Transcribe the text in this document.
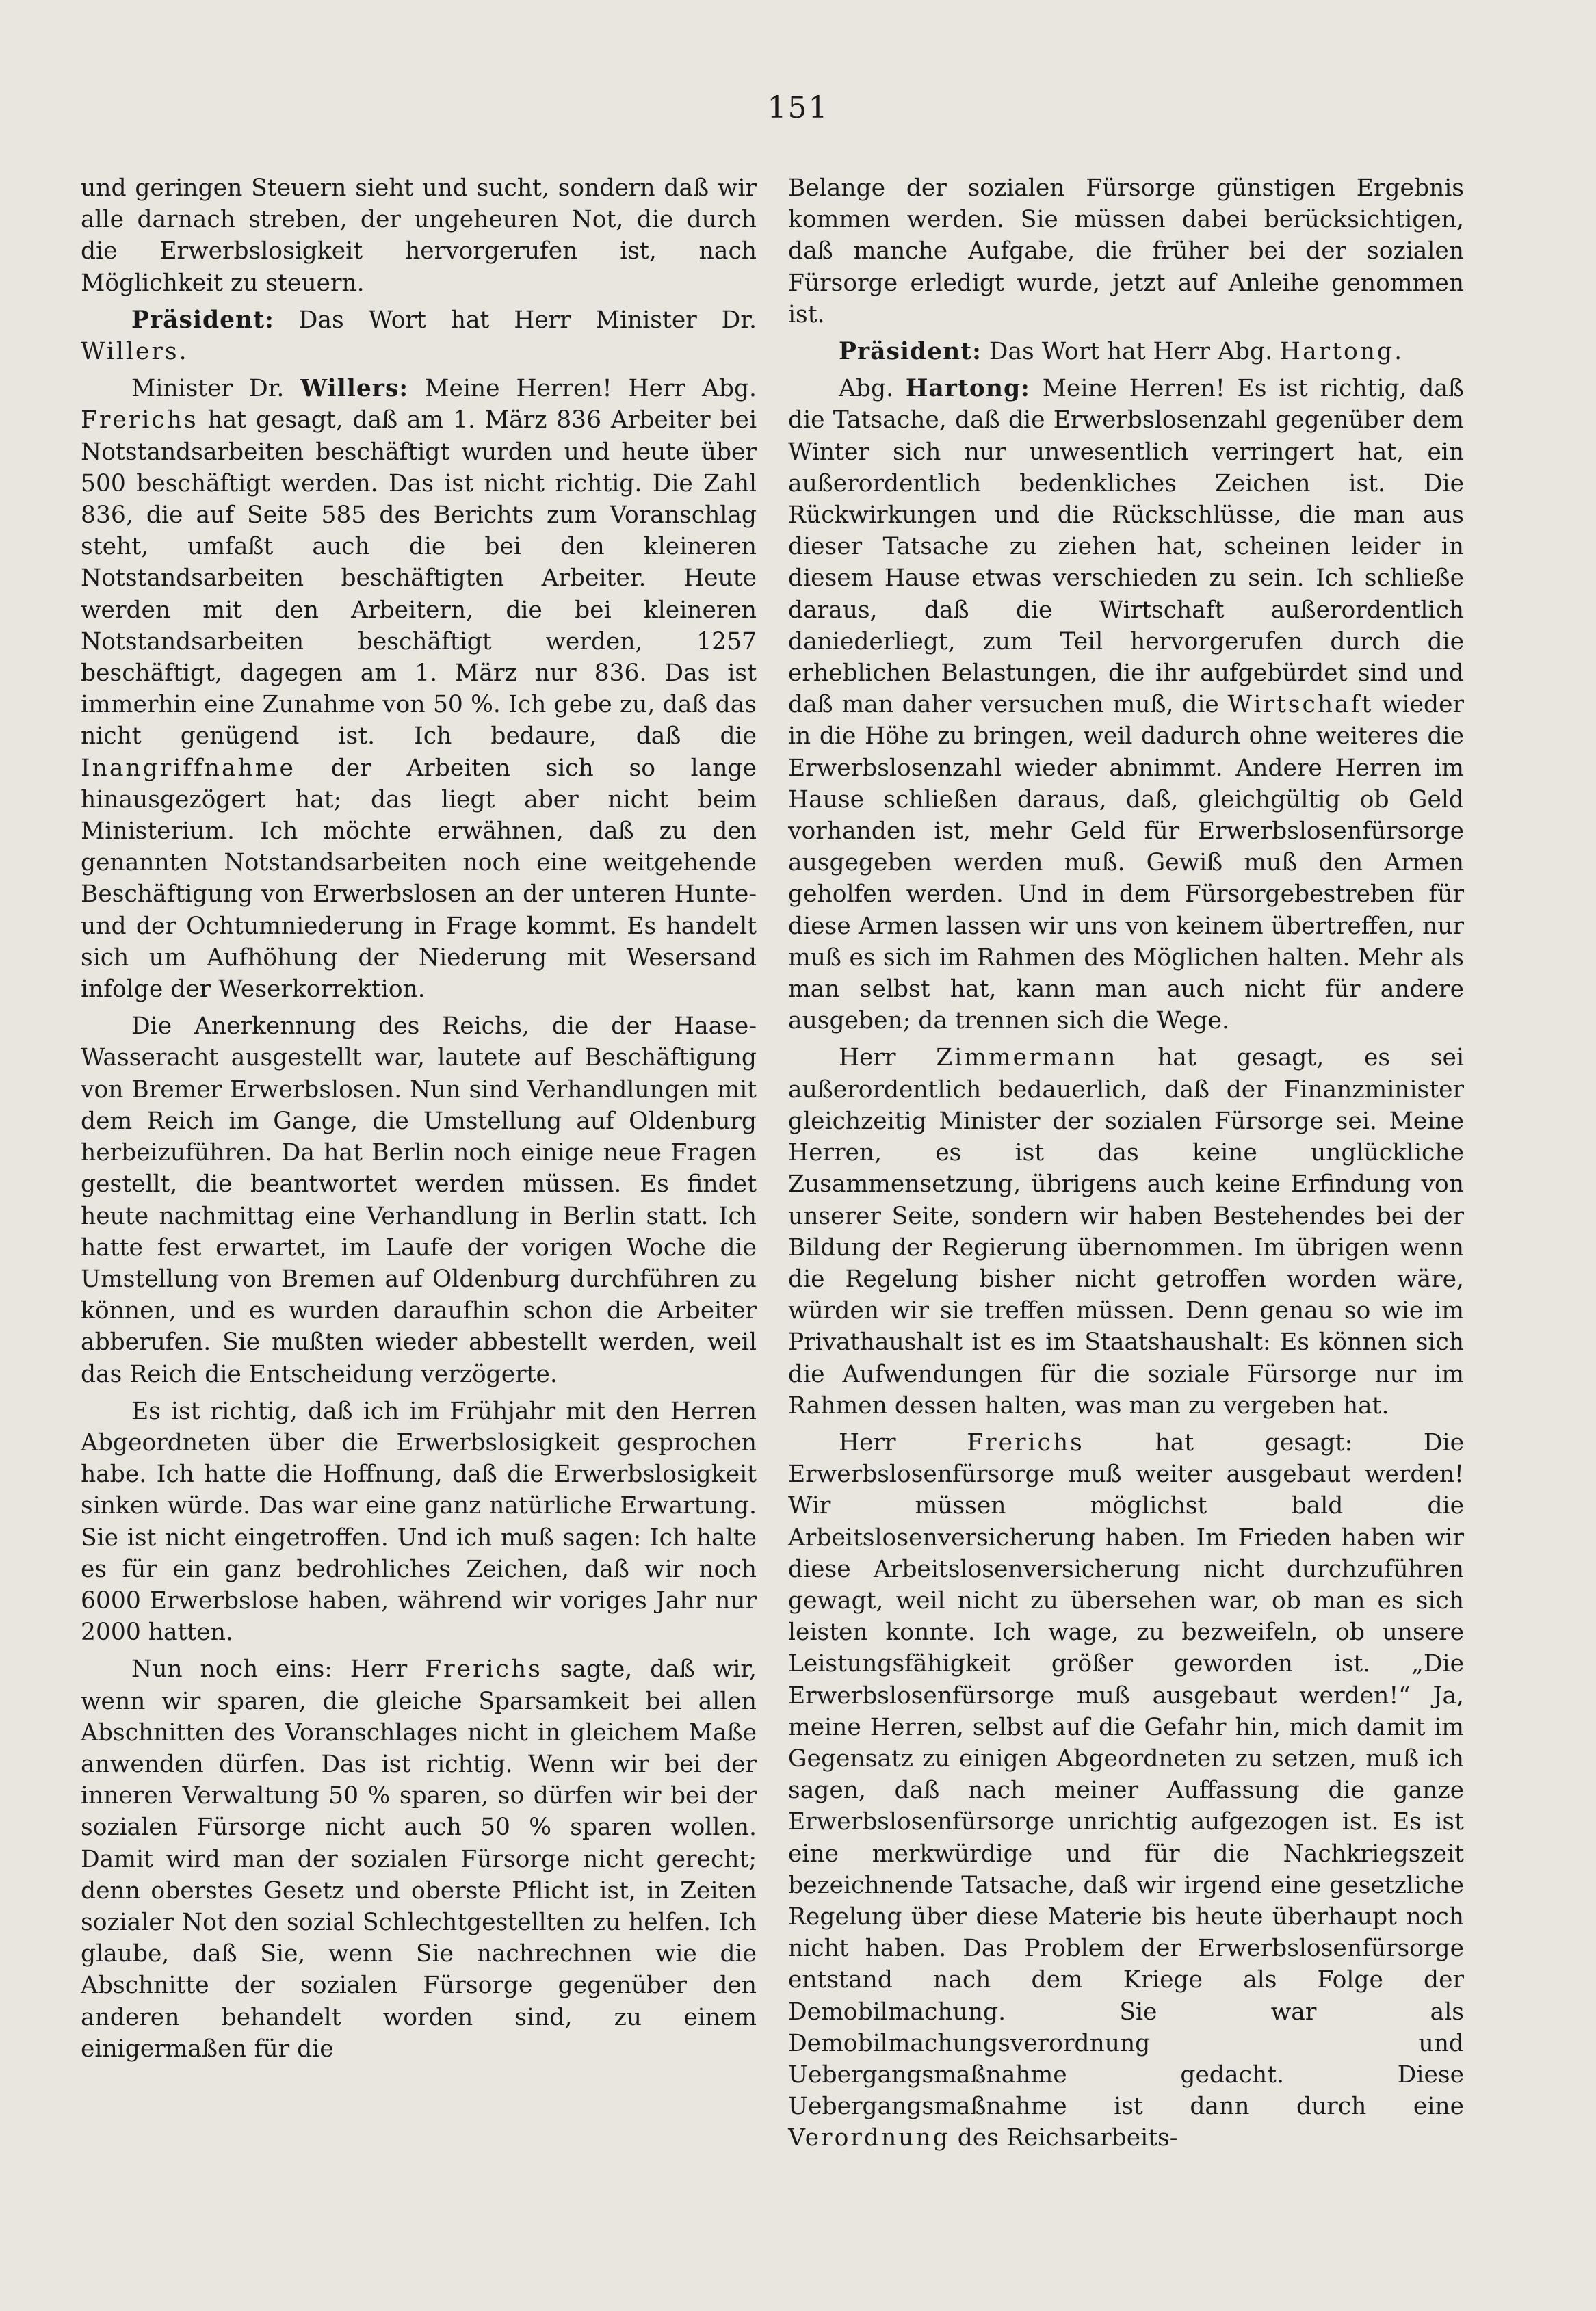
151

und geringen Steuern sieht und sucht, sondern daß wir alle darnach streben, der ungeheuren Not, die durch die Erwerbslosigkeit hervorgerufen ist, nach Möglichkeit zu steuern.

Präsident: Das Wort hat Herr Minister Dr. Willers.

Minister Dr. Willers: Meine Herren! Herr Abg. Frerichs hat gesagt, daß am 1. März 836 Arbeiter bei Notstandsarbeiten beschäftigt wurden und heute über 500 beschäftigt werden. Das ist nicht richtig. Die Zahl 836, die auf Seite 585 des Berichts zum Voranschlag steht, umfaßt auch die bei den kleineren Notstandsarbeiten beschäftigten Arbeiter. Heute werden mit den Arbeitern, die bei kleineren Notstandsarbeiten beschäftigt werden, 1257 beschäftigt, dagegen am 1. März nur 836. Das ist immerhin eine Zunahme von 50 %. Ich gebe zu, daß das nicht genügend ist. Ich bedaure, daß die Inangriffnahme der Arbeiten sich so lange hinausgezögert hat; das liegt aber nicht beim Ministerium. Ich möchte erwähnen, daß zu den genannten Notstandsarbeiten noch eine weitgehende Beschäftigung von Erwerbslosen an der unteren Hunte- und der Ochtumniederung in Frage kommt. Es handelt sich um Aufhöhung der Niederung mit Wesersand infolge der Weserkorrektion.

Die Anerkennung des Reichs, die der Haase-Wasseracht ausgestellt war, lautete auf Beschäftigung von Bremer Erwerbslosen. Nun sind Verhandlungen mit dem Reich im Gange, die Umstellung auf Oldenburg herbeizuführen. Da hat Berlin noch einige neue Fragen gestellt, die beantwortet werden müssen. Es findet heute nachmittag eine Verhandlung in Berlin statt. Ich hatte fest erwartet, im Laufe der vorigen Woche die Umstellung von Bremen auf Oldenburg durchführen zu können, und es wurden daraufhin schon die Arbeiter abberufen. Sie mußten wieder abbestellt werden, weil das Reich die Entscheidung verzögerte.

Es ist richtig, daß ich im Frühjahr mit den Herren Abgeordneten über die Erwerbslosigkeit gesprochen habe. Ich hatte die Hoffnung, daß die Erwerbslosigkeit sinken würde. Das war eine ganz natürliche Erwartung. Sie ist nicht eingetroffen. Und ich muß sagen: Ich halte es für ein ganz bedrohliches Zeichen, daß wir noch 6000 Erwerbslose haben, während wir voriges Jahr nur 2000 hatten.

Nun noch eins: Herr Frerichs sagte, daß wir, wenn wir sparen, die gleiche Sparsamkeit bei allen Abschnitten des Voranschlages nicht in gleichem Maße anwenden dürfen. Das ist richtig. Wenn wir bei der inneren Verwaltung 50 % sparen, so dürfen wir bei der sozialen Fürsorge nicht auch 50 % sparen wollen. Damit wird man der sozialen Fürsorge nicht gerecht; denn oberstes Gesetz und oberste Pflicht ist, in Zeiten sozialer Not den sozial Schlechtgestellten zu helfen. Ich glaube, daß Sie, wenn Sie nachrechnen wie die Abschnitte der sozialen Fürsorge gegenüber den anderen behandelt worden sind, zu einem einigermaßen für die

Belange der sozialen Fürsorge günstigen Ergebnis kommen werden. Sie müssen dabei berücksichtigen, daß manche Aufgabe, die früher bei der sozialen Fürsorge erledigt wurde, jetzt auf Anleihe genommen ist.

Präsident: Das Wort hat Herr Abg. Hartong.

Abg. Hartong: Meine Herren! Es ist richtig, daß die Tatsache, daß die Erwerbslosenzahl gegenüber dem Winter sich nur unwesentlich verringert hat, ein außerordentlich bedenkliches Zeichen ist. Die Rückwirkungen und die Rückschlüsse, die man aus dieser Tatsache zu ziehen hat, scheinen leider in diesem Hause etwas verschieden zu sein. Ich schließe daraus, daß die Wirtschaft außerordentlich daniederliegt, zum Teil hervorgerufen durch die erheblichen Belastungen, die ihr aufgebürdet sind und daß man daher versuchen muß, die Wirtschaft wieder in die Höhe zu bringen, weil dadurch ohne weiteres die Erwerbslosenzahl wieder abnimmt. Andere Herren im Hause schließen daraus, daß, gleichgültig ob Geld vorhanden ist, mehr Geld für Erwerbslosenfürsorge ausgegeben werden muß. Gewiß muß den Armen geholfen werden. Und in dem Fürsorgebestreben für diese Armen lassen wir uns von keinem übertreffen, nur muß es sich im Rahmen des Möglichen halten. Mehr als man selbst hat, kann man auch nicht für andere ausgeben; da trennen sich die Wege.

Herr Zimmermann hat gesagt, es sei außerordentlich bedauerlich, daß der Finanzminister gleichzeitig Minister der sozialen Fürsorge sei. Meine Herren, es ist das keine unglückliche Zusammensetzung, übrigens auch keine Erfindung von unserer Seite, sondern wir haben Bestehendes bei der Bildung der Regierung übernommen. Im übrigen wenn die Regelung bisher nicht getroffen worden wäre, würden wir sie treffen müssen. Denn genau so wie im Privathaushalt ist es im Staatshaushalt: Es können sich die Aufwendungen für die soziale Fürsorge nur im Rahmen dessen halten, was man zu vergeben hat.

Herr Frerichs hat gesagt: Die Erwerbslosenfürsorge muß weiter ausgebaut werden! Wir müssen möglichst bald die Arbeitslosenversicherung haben. Im Frieden haben wir diese Arbeitslosenversicherung nicht durchzuführen gewagt, weil nicht zu übersehen war, ob man es sich leisten konnte. Ich wage, zu bezweifeln, ob unsere Leistungsfähigkeit größer geworden ist. „Die Erwerbslosenfürsorge muß ausgebaut werden!“ Ja, meine Herren, selbst auf die Gefahr hin, mich damit im Gegensatz zu einigen Abgeordneten zu setzen, muß ich sagen, daß nach meiner Auffassung die ganze Erwerbslosenfürsorge unrichtig aufgezogen ist. Es ist eine merkwürdige und für die Nachkriegszeit bezeichnende Tatsache, daß wir irgend eine gesetzliche Regelung über diese Materie bis heute überhaupt noch nicht haben. Das Problem der Erwerbslosenfürsorge entstand nach dem Kriege als Folge der Demobilmachung. Sie war als Demobilmachungsverordnung und Uebergangsmaßnahme gedacht. Diese Uebergangsmaßnahme ist dann durch eine Verordnung des Reichsarbeits-
